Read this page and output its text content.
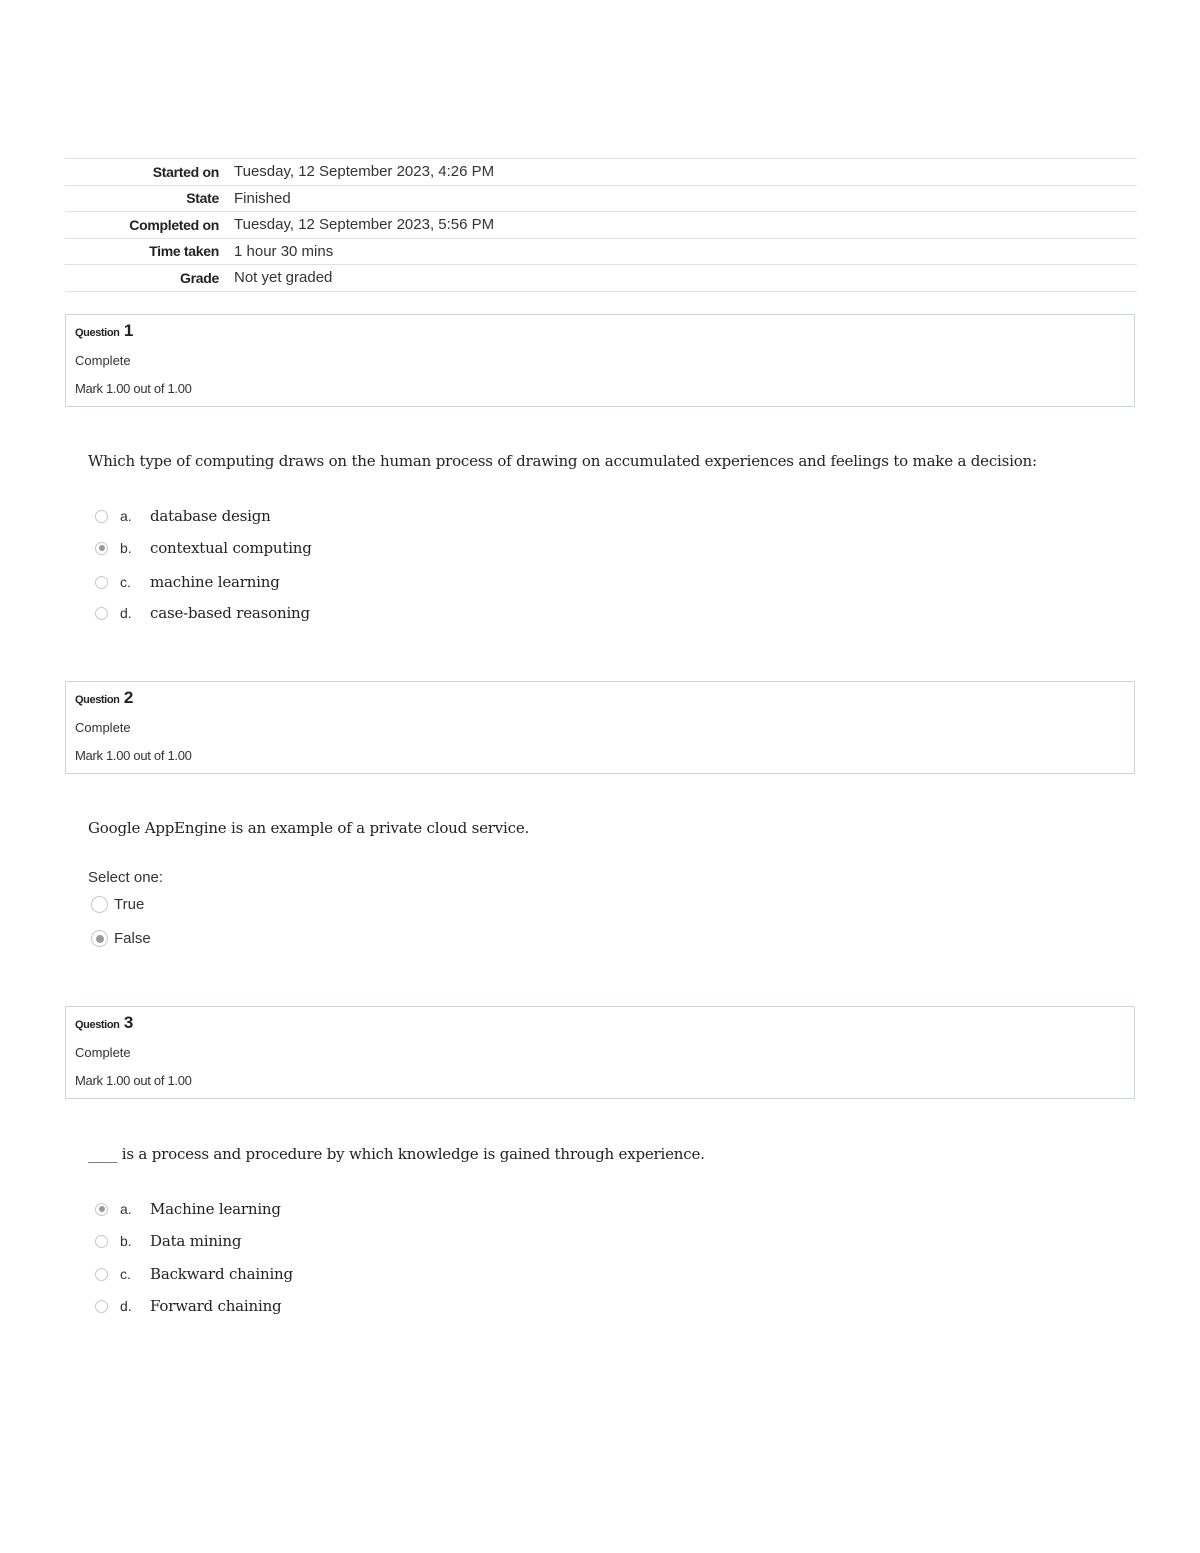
Started on	Tuesday, 12 September 2023, 4:26 PM
State	Finished
Completed on	Tuesday, 12 September 2023, 5:56 PM
Time taken	1 hour 30 mins
Grade	Not yet graded
Question 1
Complete
Mark 1.00 out of 1.00
Which type of computing draws on the human process of drawing on accumulated experiences and feelings to make a decision:
a.	database design
b.	contextual computing
c.	machine learning
d.	case-based reasoning
Question 2
Complete
Mark 1.00 out of 1.00
Google AppEngine is an example of a private cloud service.
Select one:
True
False
Question 3
Complete
Mark 1.00 out of 1.00
____ is a process and procedure by which knowledge is gained through experience.
a.	Machine learning
b.	Data mining
c.	Backward chaining
d.	Forward chaining
